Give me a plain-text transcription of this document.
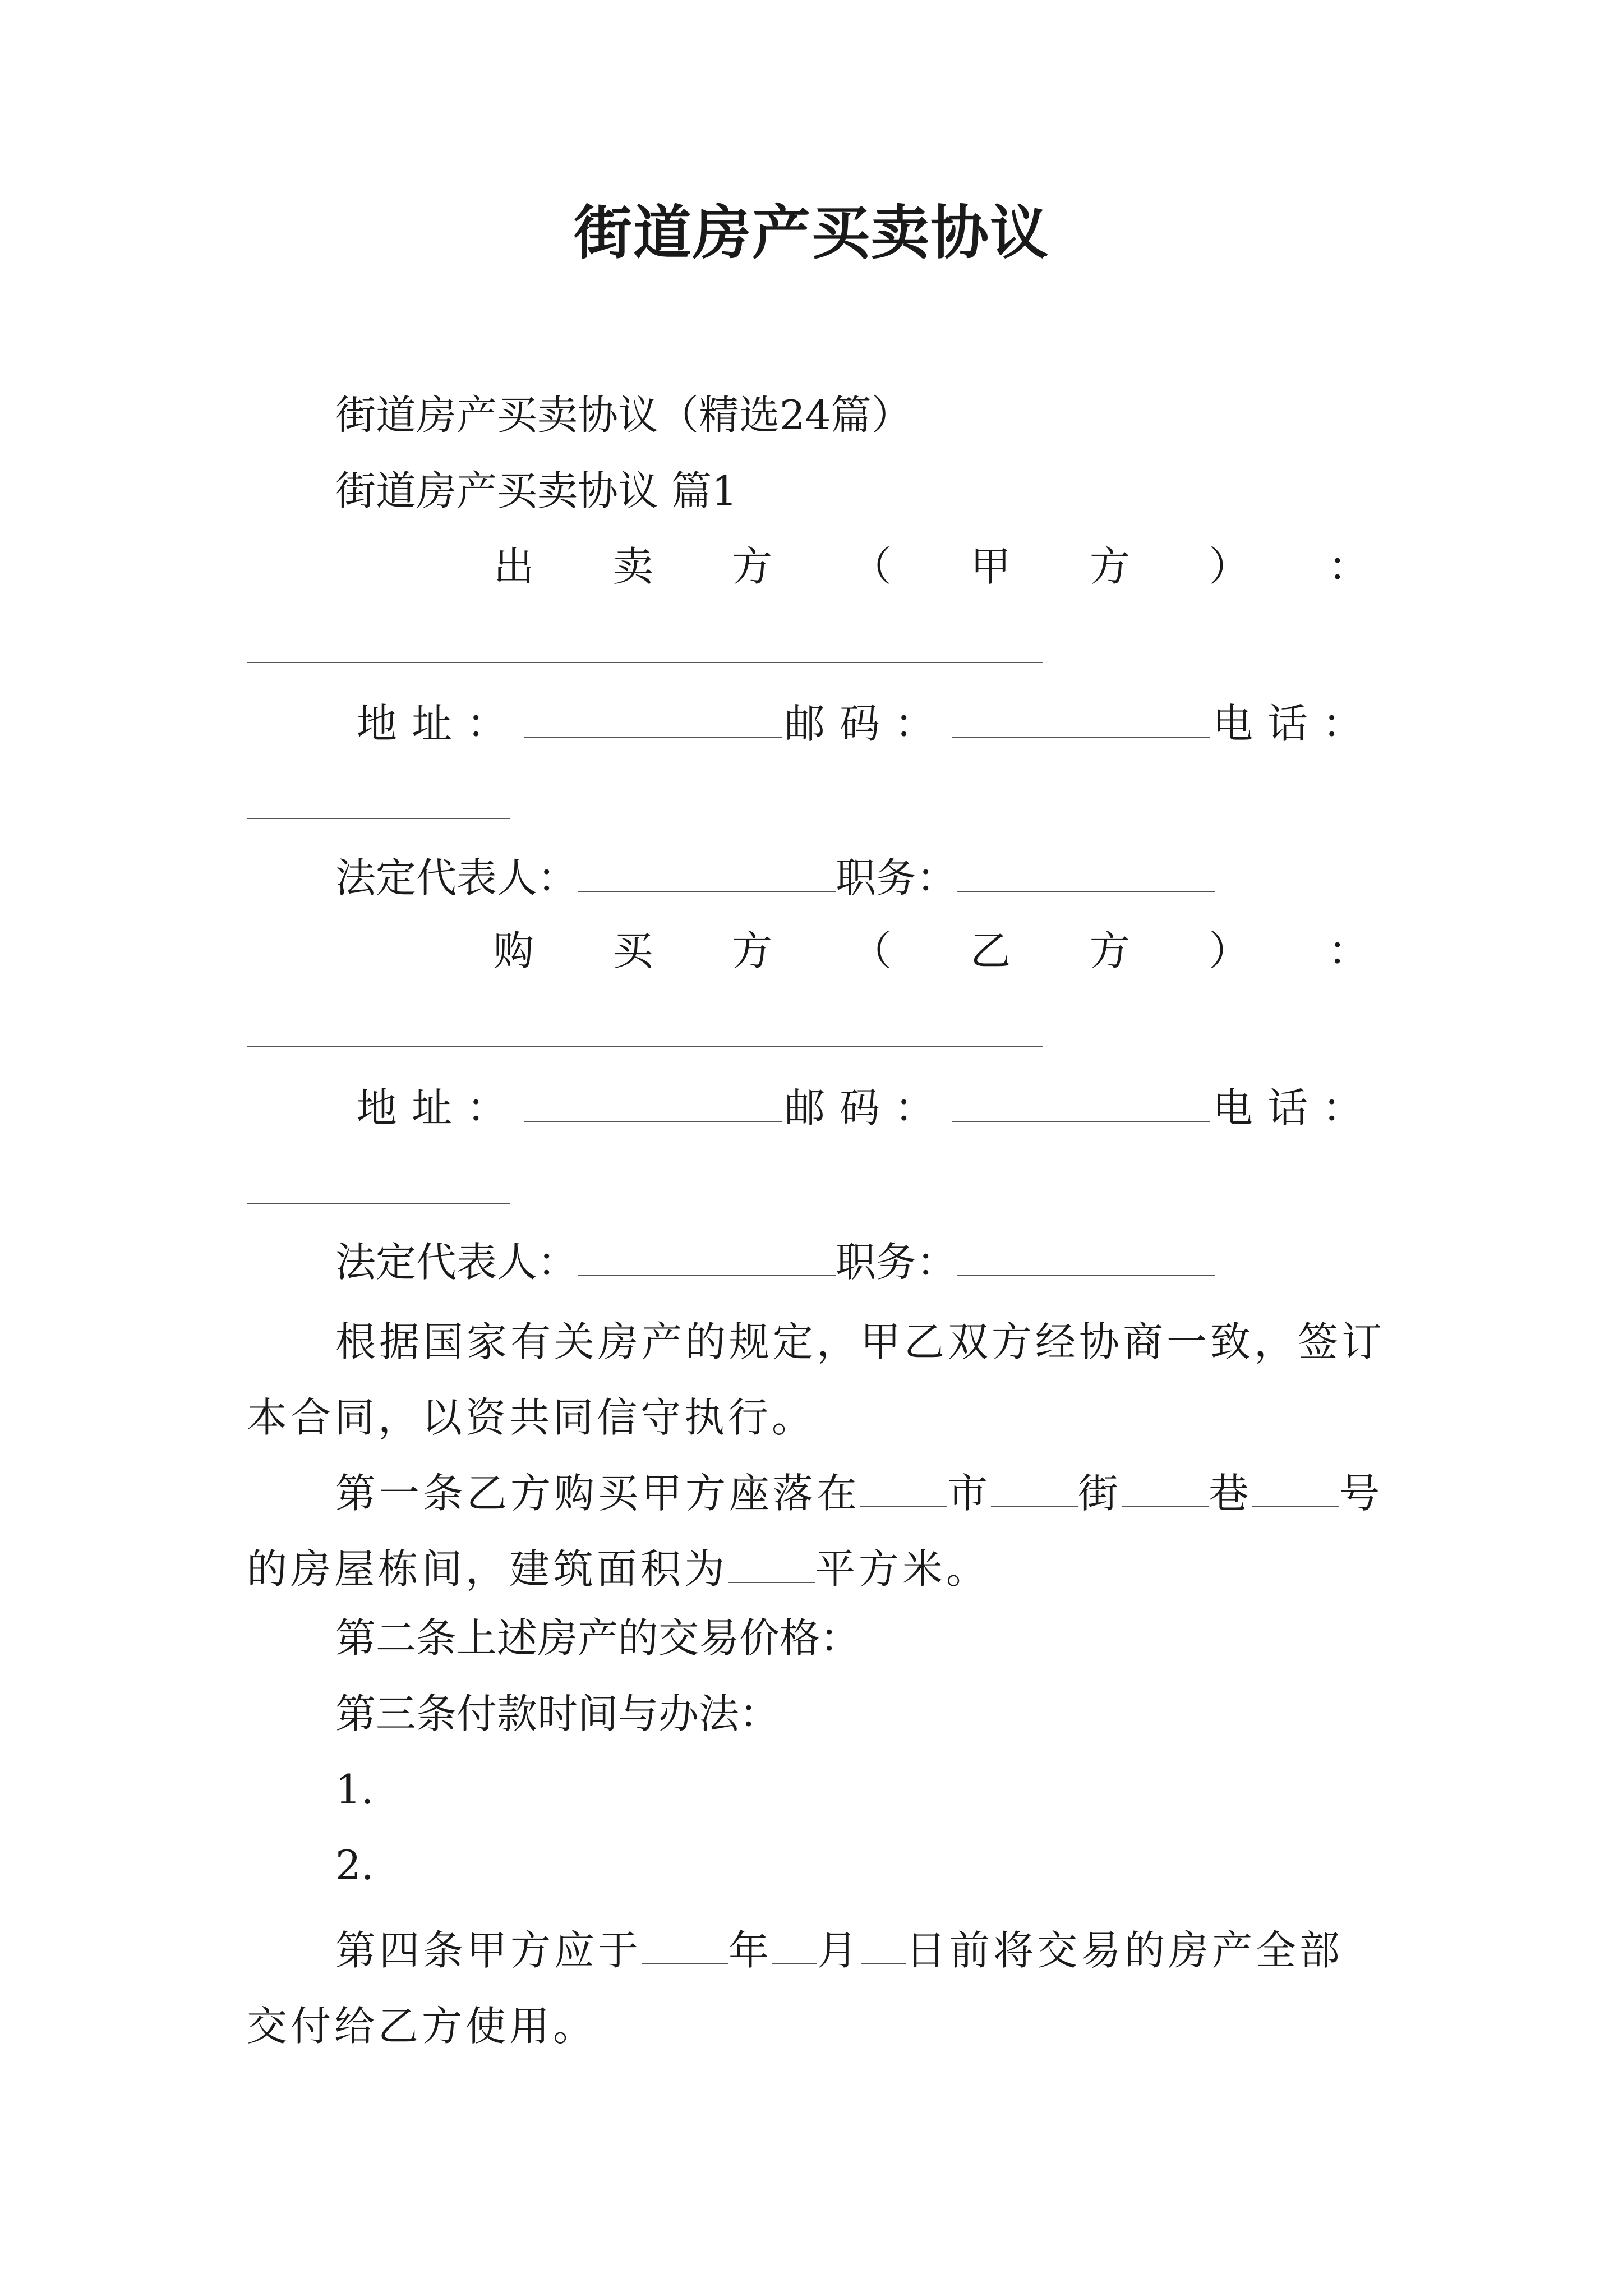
街道房产买卖协议
街道房产买卖协议（精选24篇）
街道房产买卖协议 篇1
出 卖 方 （ 甲 方 ） ：
地址：	邮码：	电话：
法定代表人：	职务：
购 买 方 （ 乙 方 ） ：
地址：	邮码：	电话：
法定代表人：	职务：
根据国家有关房产的规定，甲乙双方经协商一致，签订本合同，以资共同信守执行。
第一条乙方购买甲方座落在 市 街 巷 号的房屋栋间，建筑面积为 平方米。
第二条上述房产的交易价格：
第三条付款时间与办法：
1.
2.
第四条甲方应于 年 月 日前将交易的房产全部交付给乙方使用。
